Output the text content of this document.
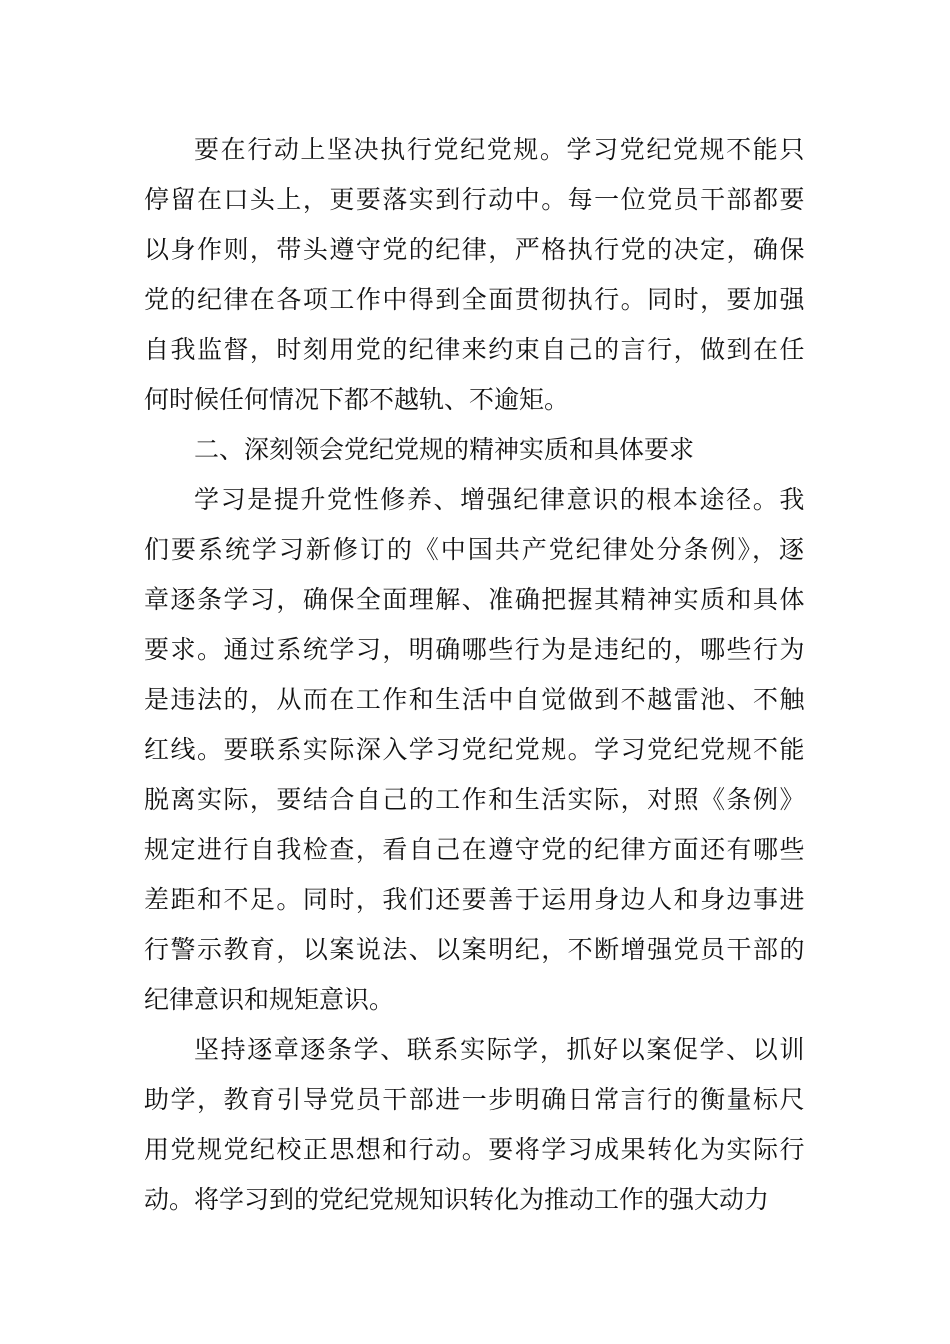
要在行动上坚决执行党纪党规。学习党纪党规不能只
停留在口头上，更要落实到行动中。每一位党员干部都要
以身作则，带头遵守党的纪律，严格执行党的决定，确保
党的纪律在各项工作中得到全面贯彻执行。同时，要加强
自我监督，时刻用党的纪律来约束自己的言行，做到在任
何时候任何情况下都不越轨、不逾矩。
二、深刻领会党纪党规的精神实质和具体要求
学习是提升党性修养、增强纪律意识的根本途径。我
们要系统学习新修订的《中国共产党纪律处分条例》，逐
章逐条学习，确保全面理解、准确把握其精神实质和具体
要求。通过系统学习，明确哪些行为是违纪的，哪些行为
是违法的，从而在工作和生活中自觉做到不越雷池、不触
红线。要联系实际深入学习党纪党规。学习党纪党规不能
脱离实际，要结合自己的工作和生活实际，对照《条例》
规定进行自我检查，看自己在遵守党的纪律方面还有哪些
差距和不足。同时，我们还要善于运用身边人和身边事进
行警示教育，以案说法、以案明纪，不断增强党员干部的
纪律意识和规矩意识。
坚持逐章逐条学、联系实际学，抓好以案促学、以训
助学，教育引导党员干部进一步明确日常言行的衡量标尺
用党规党纪校正思想和行动。要将学习成果转化为实际行
动。将学习到的党纪党规知识转化为推动工作的强大动力
